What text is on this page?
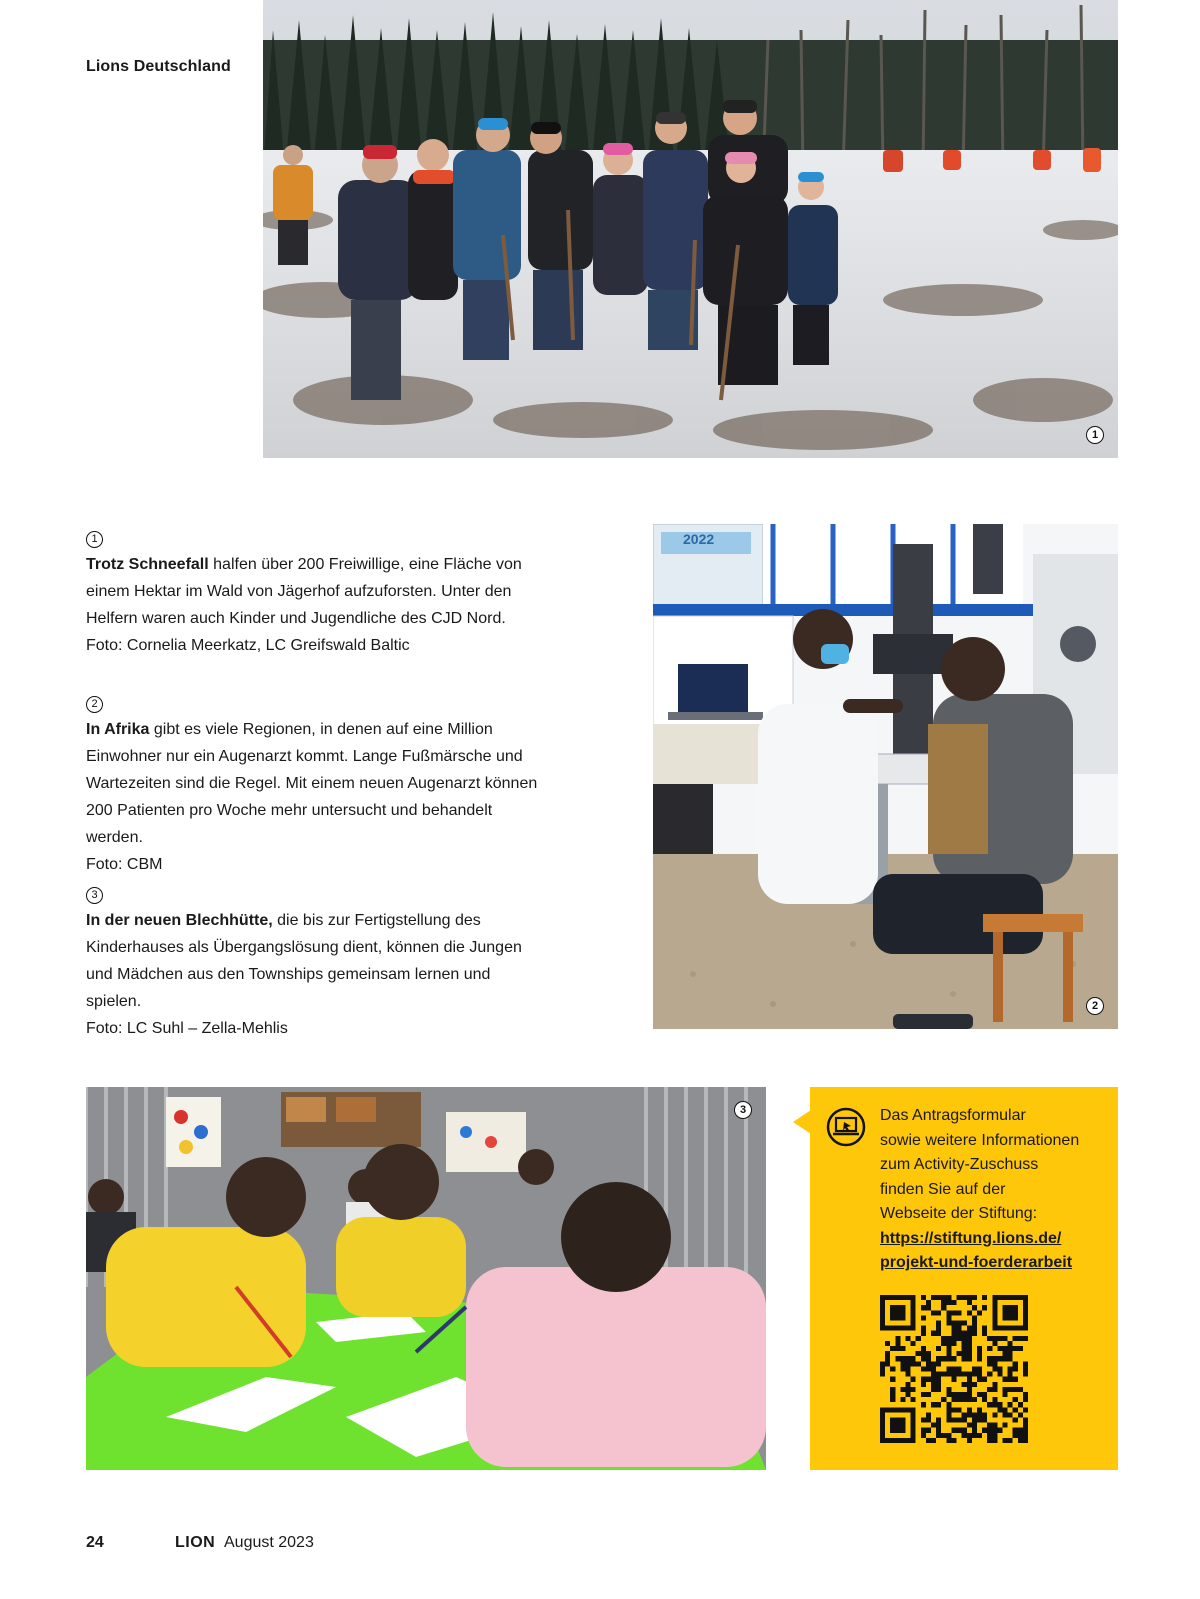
Lions Deutschland
1
1

Trotz Schneefall halfen über 200 Freiwillige, eine Fläche von einem Hektar im Wald von Jägerhof aufzuforsten. Unter den Helfern waren auch Kinder und Jugendliche des CJD Nord.

Foto: Cornelia Meerkatz, LC Greifswald Baltic

2

In Afrika gibt es viele Regionen, in denen auf eine Million Einwohner nur ein Augenarzt kommt. Lange Fußmärsche und Wartezeiten sind die Regel. Mit einem neuen Augenarzt können 200 Patienten pro Woche mehr untersucht und behandelt werden.

Foto: CBM

3

In der neuen Blechhütte, die bis zur Fertigstellung des Kinderhauses als Übergangslösung dient, können die Jungen und Mädchen aus den Townships gemeinsam lernen und spielen.

Foto: LC Suhl – Zella-Mehlis

2022
2
3	Das Antragsformular
sowie weitere Informationen
zum Activity-Zuschuss
finden Sie auf der
Webseite der Stiftung:
https://stiftung.lions.de/
projekt-und-foerderarbeit
24	LION August 2023
